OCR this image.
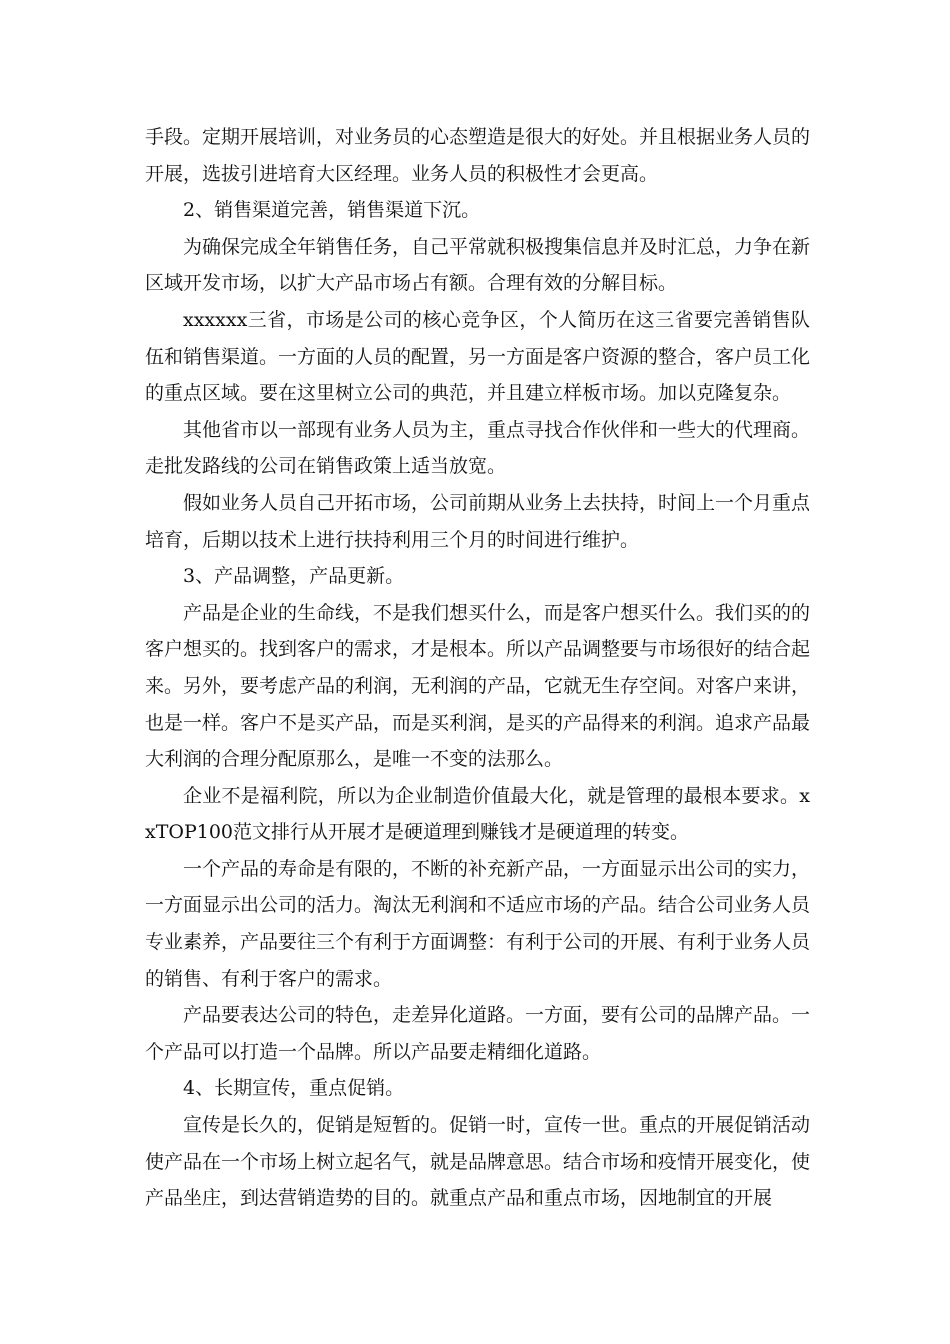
手段。定期开展培训，对业务员的心态塑造是很大的好处。并且根据业务人员的开展，选拔引进培育大区经理。业务人员的积极性才会更高。

2、销售渠道完善，销售渠道下沉。

为确保完成全年销售任务，自己平常就积极搜集信息并及时汇总，力争在新区域开发市场，以扩大产品市场占有额。合理有效的分解目标。

xxxxxx三省，市场是公司的核心竞争区，个人简历在这三省要完善销售队伍和销售渠道。一方面的人员的配置，另一方面是客户资源的整合，客户员工化的重点区域。要在这里树立公司的典范，并且建立样板市场。加以克隆复杂。

其他省市以一部现有业务人员为主，重点寻找合作伙伴和一些大的代理商。走批发路线的公司在销售政策上适当放宽。

假如业务人员自己开拓市场，公司前期从业务上去扶持，时间上一个月重点培育，后期以技术上进行扶持利用三个月的时间进行维护。

3、产品调整，产品更新。

产品是企业的生命线，不是我们想买什么，而是客户想买什么。我们买的的客户想买的。找到客户的需求，才是根本。所以产品调整要与市场很好的结合起来。另外，要考虑产品的利润，无利润的产品，它就无生存空间。对客户来讲，也是一样。客户不是买产品，而是买利润，是买的产品得来的利润。追求产品最大利润的合理分配原那么，是唯一不变的法那么。

企业不是福利院，所以为企业制造价值最大化，就是管理的最根本要求。xxTOP100范文排行从开展才是硬道理到赚钱才是硬道理的转变。

一个产品的寿命是有限的，不断的补充新产品，一方面显示出公司的实力，一方面显示出公司的活力。淘汰无利润和不适应市场的产品。结合公司业务人员专业素养，产品要往三个有利于方面调整：有利于公司的开展、有利于业务人员的销售、有利于客户的需求。

产品要表达公司的特色，走差异化道路。一方面，要有公司的品牌产品。一个产品可以打造一个品牌。所以产品要走精细化道路。

4、长期宣传，重点促销。

宣传是长久的，促销是短暂的。促销一时，宣传一世。重点的开展促销活动使产品在一个市场上树立起名气，就是品牌意思。结合市场和疫情开展变化，使产品坐庄，到达营销造势的目的。就重点产品和重点市场，因地制宜的开展
